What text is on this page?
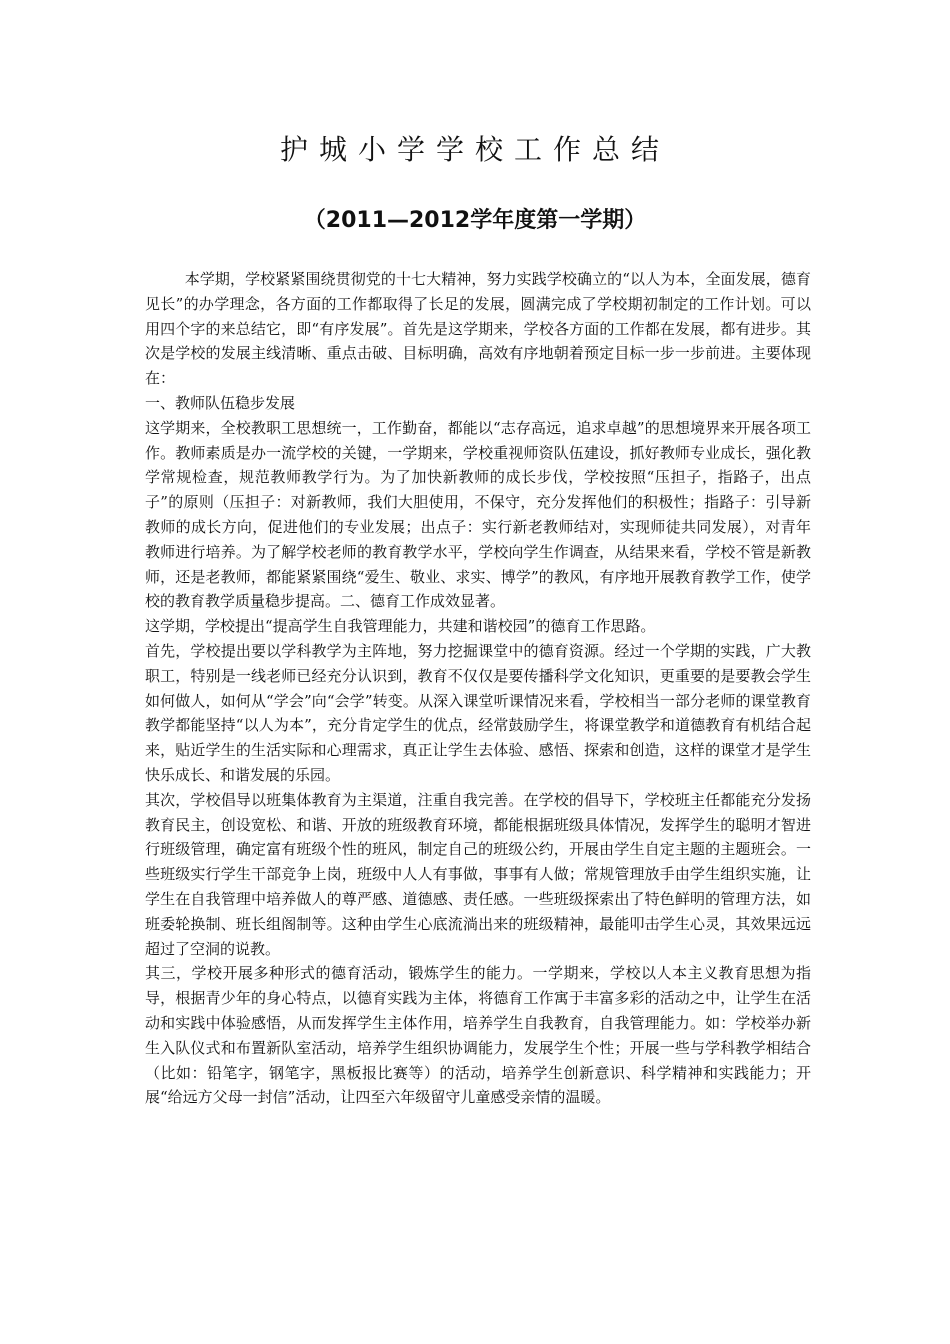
护城小学学校工作总结
（2011—2012学年度第一学期）

本学期，学校紧紧围绕贯彻党的十七大精神，努力实践学校确立的“以人为本，全面发展，德育见长”的办学理念，各方面的工作都取得了长足的发展，圆满完成了学校期初制定的工作计划。可以用四个字的来总结它，即“有序发展”。首先是这学期来，学校各方面的工作都在发展，都有进步。其次是学校的发展主线清晰、重点击破、目标明确，高效有序地朝着预定目标一步一步前进。主要体现在：

一、教师队伍稳步发展

这学期来，全校教职工思想统一，工作勤奋，都能以“志存高远，追求卓越”的思想境界来开展各项工作。教师素质是办一流学校的关键，一学期来，学校重视师资队伍建设，抓好教师专业成长，强化教学常规检查，规范教师教学行为。为了加快新教师的成长步伐，学校按照“压担子，指路子，出点子”的原则（压担子：对新教师，我们大胆使用，不保守，充分发挥他们的积极性；指路子：引导新教师的成长方向，促进他们的专业发展；出点子：实行新老教师结对，实现师徒共同发展），对青年教师进行培养。为了解学校老师的教育教学水平，学校向学生作调查，从结果来看，学校不管是新教师，还是老教师，都能紧紧围绕“爱生、敬业、求实、博学”的教风，有序地开展教育教学工作，使学校的教育教学质量稳步提高。二、德育工作成效显著。

这学期，学校提出“提高学生自我管理能力，共建和谐校园”的德育工作思路。

首先，学校提出要以学科教学为主阵地，努力挖掘课堂中的德育资源。经过一个学期的实践，广大教职工，特别是一线老师已经充分认识到，教育不仅仅是要传播科学文化知识，更重要的是要教会学生如何做人，如何从“学会”向“会学”转变。从深入课堂听课情况来看，学校相当一部分老师的课堂教育教学都能坚持“以人为本”，充分肯定学生的优点，经常鼓励学生，将课堂教学和道德教育有机结合起来，贴近学生的生活实际和心理需求，真正让学生去体验、感悟、探索和创造，这样的课堂才是学生快乐成长、和谐发展的乐园。

其次，学校倡导以班集体教育为主渠道，注重自我完善。在学校的倡导下，学校班主任都能充分发扬教育民主，创设宽松、和谐、开放的班级教育环境，都能根据班级具体情况，发挥学生的聪明才智进行班级管理，确定富有班级个性的班风，制定自己的班级公约，开展由学生自定主题的主题班会。一些班级实行学生干部竞争上岗，班级中人人有事做，事事有人做；常规管理放手由学生组织实施，让学生在自我管理中培养做人的尊严感、道德感、责任感。一些班级探索出了特色鲜明的管理方法，如班委轮换制、班长组阁制等。这种由学生心底流淌出来的班级精神，最能叩击学生心灵，其效果远远超过了空洞的说教。

其三，学校开展多种形式的德育活动，锻炼学生的能力。一学期来，学校以人本主义教育思想为指导，根据青少年的身心特点，以德育实践为主体，将德育工作寓于丰富多彩的活动之中，让学生在活动和实践中体验感悟，从而发挥学生主体作用，培养学生自我教育，自我管理能力。如：学校举办新生入队仪式和布置新队室活动，培养学生组织协调能力，发展学生个性；开展一些与学科教学相结合（比如：铅笔字，钢笔字，黑板报比赛等）的活动，培养学生创新意识、科学精神和实践能力；开展“给远方父母一封信”活动，让四至六年级留守儿童感受亲情的温暖。
